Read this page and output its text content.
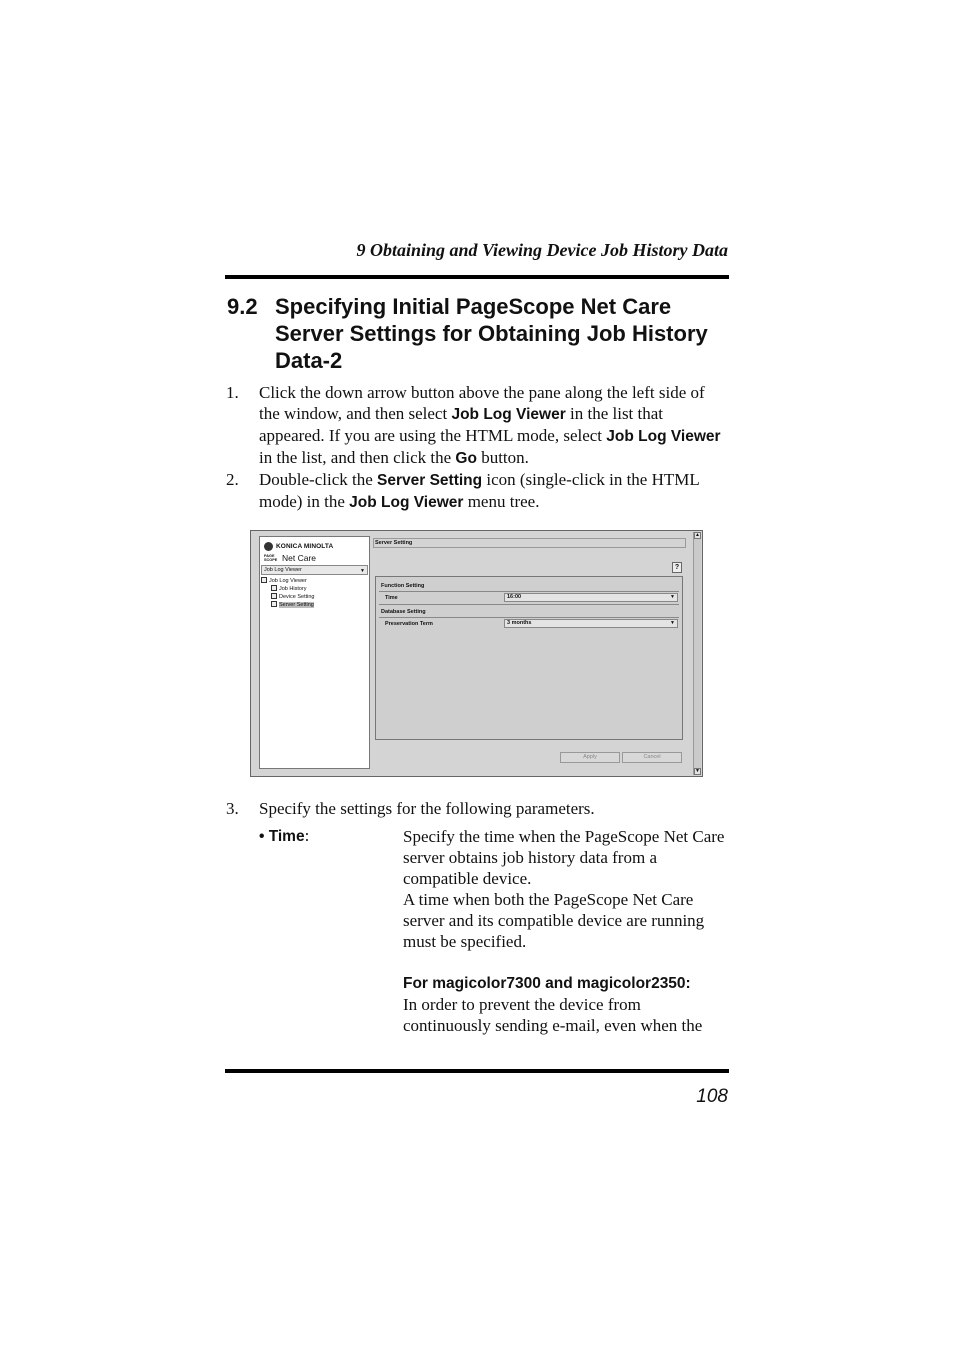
9 Obtaining and Viewing Device Job History Data
9.2 Specifying Initial PageScope Net Care Server Settings for Obtaining Job History Data-2
1. Click the down arrow button above the pane along the left side of the window, and then select Job Log Viewer in the list that appeared. If you are using the HTML mode, select Job Log Viewer in the list, and then click the Go button.
2. Double-click the Server Setting icon (single-click in the HTML mode) in the Job Log Viewer menu tree.
KONICA MINOLTA
PAGE SCOPE Net Care
Job Log Viewer	▼
Job Log Viewer
Job History
Device Setting
Server Setting
Server Setting
?
Function Setting
Time	16:00	▼
Database Setting
Preservation Term	3 months	▼
Apply	Cancel
▲
▼
3. Specify the settings for the following parameters.
• Time:	Specify the time when the PageScope Net Care server obtains job history data from a compatible device.

A time when both the PageScope Net Care server and its compatible device are running must be specified.

For magicolor7300 and magicolor2350:

In order to prevent the device from continuously sending e-mail, even when the

108
